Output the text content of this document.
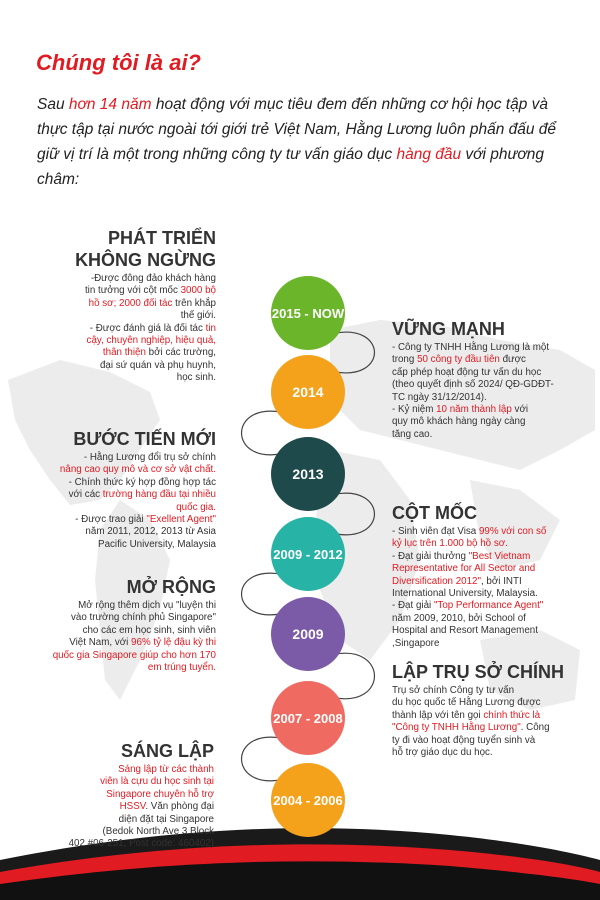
Chúng tôi là ai?

Sau hơn 14 năm hoạt động với mục tiêu đem đến những cơ hội học tập và thực tập tại nước ngoài tới giới trẻ Việt Nam, Hằng Lương luôn phấn đấu để giữ vị trí là một trong những công ty tư vấn giáo dục hàng đầu với phương châm:

2015 - NOW
2014
2013
2009 - 2012
2009
2007 - 2008
2004 - 2006
PHÁT TRIỂN
KHÔNG NGỪNG
-Được đông đảo khách hàng
tin tưởng với cột mốc 3000 bộ
hồ sơ; 2000 đối tác trên khắp
thế giới.
- Được đánh giá là đối tác tin
cậy, chuyên nghiệp, hiệu quả,
thân thiện bởi các trường,
đại sứ quán và phụ huynh,
học sinh.
VỮNG MẠNH
- Công ty TNHH Hằng Lương là một
trong 50 công ty đầu tiên được
cấp phép hoạt động tư vấn du học
(theo quyết định số 2024/ QĐ-GDĐT-
TC ngày 31/12/2014).
- Kỷ niệm 10 năm thành lập với
quy mô khách hàng ngày càng
tăng cao.
BƯỚC TIẾN MỚI
- Hằng Lương đổi trụ sở chính
nâng cao quy mô và cơ sở vật chất.
- Chính thức ký hợp đồng hợp tác
với các trường hàng đầu tại nhiều
quốc gia.
- Được trao giải "Exellent Agent"
năm 2011, 2012, 2013 từ Asia
Pacific University, Malaysia
CỘT MỐC
- Sinh viên đạt Visa 99% với con số
kỷ lục trên 1.000 bộ hồ sơ.
- Đạt giải thưởng "Best Vietnam
Representative for All Sector and
Diversification 2012", bởi INTI
International University, Malaysia.
- Đạt giải "Top Performance Agent"
năm 2009, 2010, bởi School of
Hospital and Resort Management
,Singapore
MỞ RỘNG
Mở rộng thêm dịch vụ "luyện thi
vào trường chính phủ Singapore"
cho các em học sinh, sinh viên
Việt Nam, với 96% tỷ lệ đậu kỳ thi
quốc gia Singapore giúp cho hơn 170
em trúng tuyển.	LẬP TRỤ SỞ CHÍNH
Trụ sở chính Công ty tư vấn
du học quốc tế Hằng Lương được
thành lập với tên gọi chính thức là
"Công ty TNHH Hằng Lương". Công
ty đi vào hoạt động tuyển sinh và
hỗ trợ giáo dục du học.
SÁNG LẬP
Sáng lập từ các thành
viên là cựu du học sinh tại
Singapore chuyên hỗ trợ
HSSV. Văn phòng đại
diện đặt tại Singapore
(Bedok North Ave 3 Block
402 #06-251, Post code: 460402)
